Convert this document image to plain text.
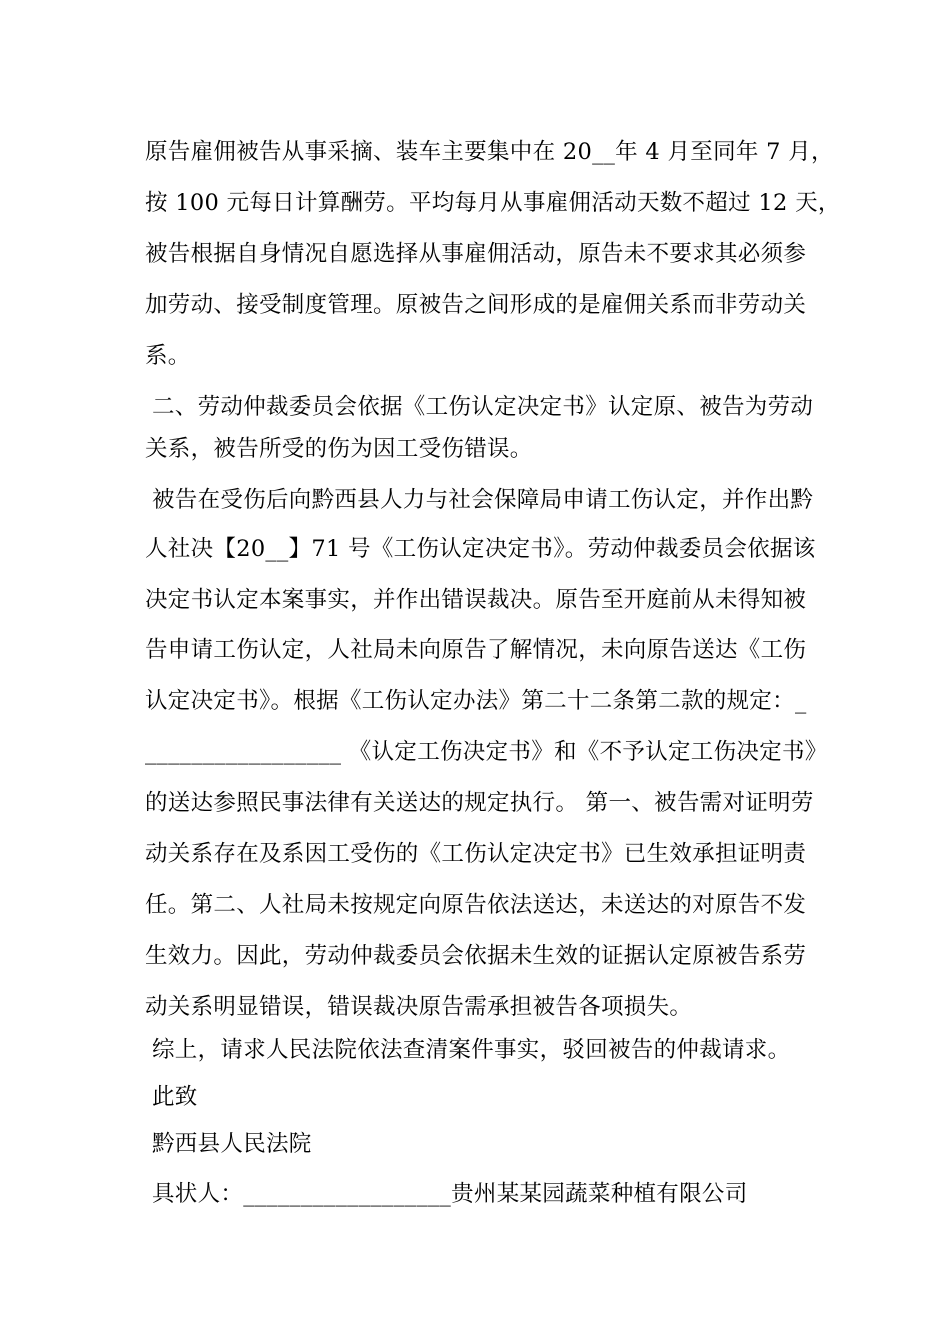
原告雇佣被告从事采摘、装车主要集中在 20__年 4 月至同年 7 月，
按 100 元每日计算酬劳。平均每月从事雇佣活动天数不超过 12 天，
被告根据自身情况自愿选择从事雇佣活动，原告未不要求其必须参
加劳动、接受制度管理。原被告之间形成的是雇佣关系而非劳动关
系。
二、劳动仲裁委员会依据《工伤认定决定书》认定原、被告为劳动
关系，被告所受的伤为因工受伤错误。
被告在受伤后向黔西县人力与社会保障局申请工伤认定，并作出黔
人社决【20__】71 号《工伤认定决定书》。劳动仲裁委员会依据该
决定书认定本案事实，并作出错误裁决。原告至开庭前从未得知被
告申请工伤认定，人社局未向原告了解情况，未向原告送达《工伤
认定决定书》。根据《工伤认定办法》第二十二条第二款的规定：_
_________________ 《认定工伤决定书》和《不予认定工伤决定书》
的送达参照民事法律有关送达的规定执行。 第一、被告需对证明劳
动关系存在及系因工受伤的《工伤认定决定书》已生效承担证明责
任。第二、人社局未按规定向原告依法送达，未送达的对原告不发
生效力。因此，劳动仲裁委员会依据未生效的证据认定原被告系劳
动关系明显错误，错误裁决原告需承担被告各项损失。
综上，请求人民法院依法查清案件事实，驳回被告的仲裁请求。
此致
黔西县人民法院
具状人：__________________贵州某某园蔬菜种植有限公司
